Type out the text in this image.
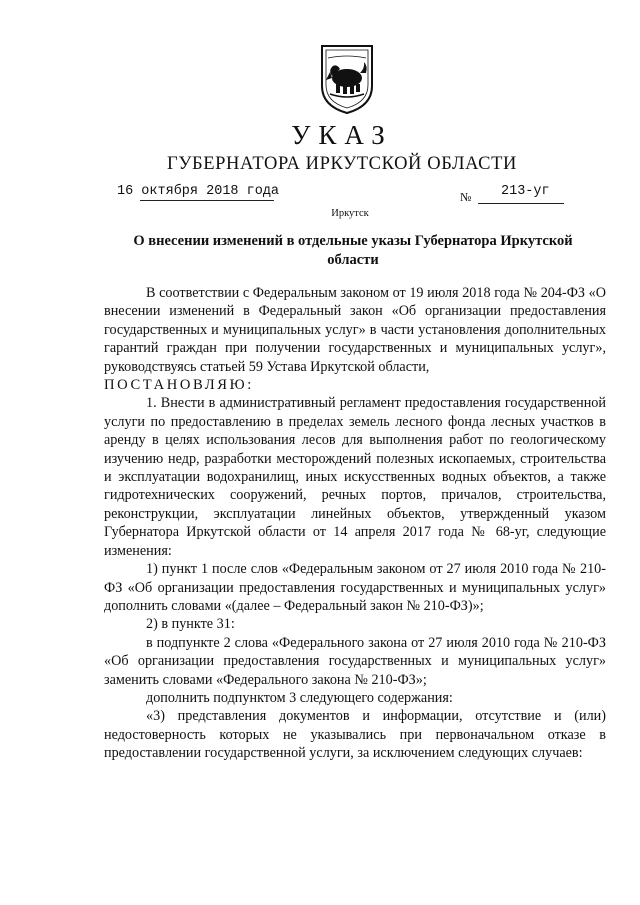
УКАЗ
ГУБЕРНАТОРА ИРКУТСКОЙ ОБЛАСТИ
16 октября 2018 года	№ 213-уг
Иркутск
О внесении изменений в отдельные указы Губернатора Иркутской области

В соответствии с Федеральным законом от 19 июля 2018 года № 204-ФЗ «О внесении изменений в Федеральный закон «Об организации предоставления государственных и муниципальных услуг» в части установления дополнительных гарантий граждан при получении государственных и муниципальных услуг», руководствуясь статьей 59 Устава Иркутской области,

ПОСТАНОВЛЯЮ:

1. Внести в административный регламент предоставления государственной услуги по предоставлению в пределах земель лесного фонда лесных участков в аренду в целях использования лесов для выполнения работ по геологическому изучению недр, разработки месторождений полезных ископаемых, строительства и эксплуатации водохранилищ, иных искусственных водных объектов, а также гидротехнических сооружений, речных портов, причалов, строительства, реконструкции, эксплуатации линейных объектов, утвержденный указом Губернатора Иркутской области от 14 апреля 2017 года № 68-уг, следующие изменения:

1) пункт 1 после слов «Федеральным законом от 27 июля 2010 года № 210-ФЗ «Об организации предоставления государственных и муниципальных услуг» дополнить словами «(далее – Федеральный закон № 210-ФЗ)»;

2) в пункте 31:

в подпункте 2 слова «Федерального закона от 27 июля 2010 года № 210-ФЗ «Об организации предоставления государственных и муниципальных услуг» заменить словами «Федерального закона № 210-ФЗ»;

дополнить подпунктом 3 следующего содержания:

«3) представления документов и информации, отсутствие и (или) недостоверность которых не указывались при первоначальном отказе в предоставлении государственной услуги, за исключением следующих случаев:
